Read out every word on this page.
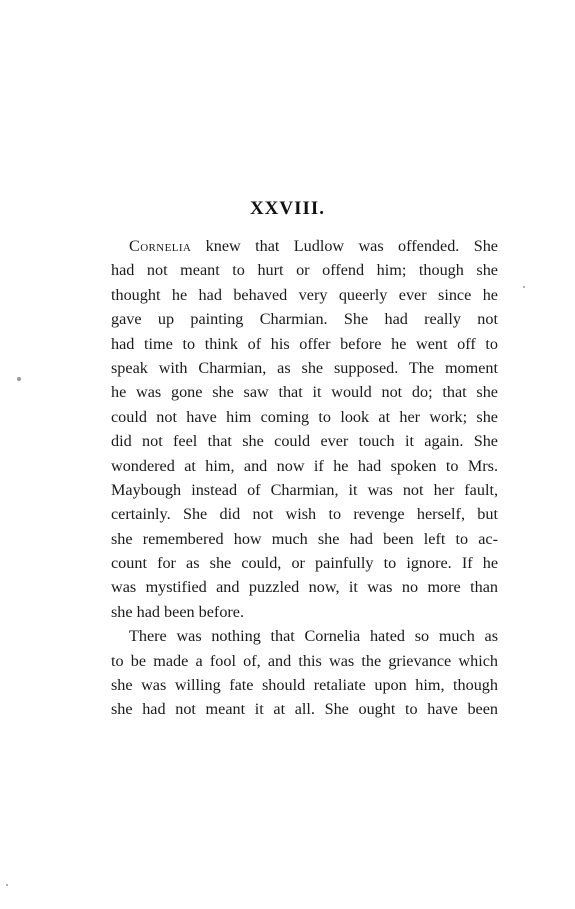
XXVIII.
Cornelia knew that Ludlow was offended. She
had not meant to hurt or offend him; though she
thought he had behaved very queerly ever since he
gave up painting Charmian. She had really not
had time to think of his offer before he went off to
speak with Charmian, as she supposed. The moment
he was gone she saw that it would not do; that she
could not have him coming to look at her work; she
did not feel that she could ever touch it again. She
wondered at him, and now if he had spoken to Mrs.
Maybough instead of Charmian, it was not her fault,
certainly. She did not wish to revenge herself, but
she remembered how much she had been left to ac-
count for as she could, or painfully to ignore. If he
was mystified and puzzled now, it was no more than
she had been before.
There was nothing that Cornelia hated so much as
to be made a fool of, and this was the grievance which
she was willing fate should retaliate upon him, though
she had not meant it at all. She ought to have been
